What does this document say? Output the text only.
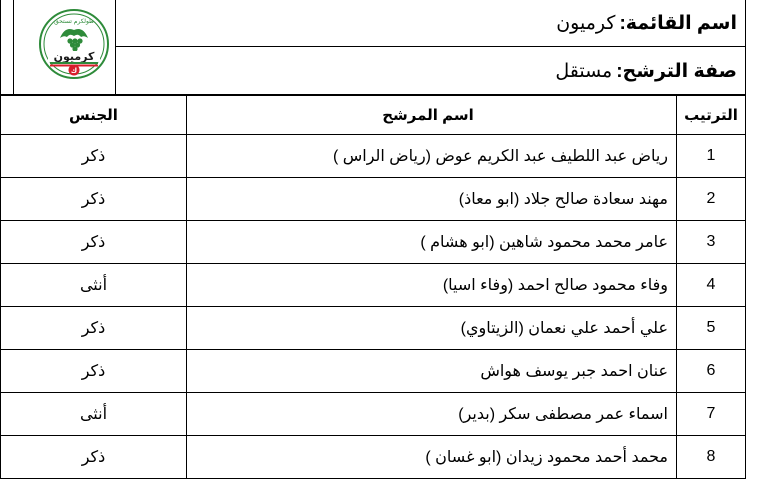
كرميون
ك
طولكرم تستحق	اسم القائمة:
كرميون
صفة الترشح:
مستقل
الترتيب	اسم المرشح	الجنس
1	رياض عبد اللطيف عبد الكريم عوض (رياض الراس )	ذكر
2	مهند سعادة صالح جلاد (ابو معاذ)	ذكر
3	عامر محمد محمود شاهين (ابو هشام )	ذكر
4	وفاء محمود صالح احمد (وفاء اسيا)	أنثى
5	علي أحمد علي نعمان (الزيتاوي)	ذكر
6	عنان احمد جبر يوسف هواش	ذكر
7	اسماء عمر مصطفى سكر (بدير)	أنثى
8	محمد أحمد محمود زيدان (ابو غسان )	ذكر
